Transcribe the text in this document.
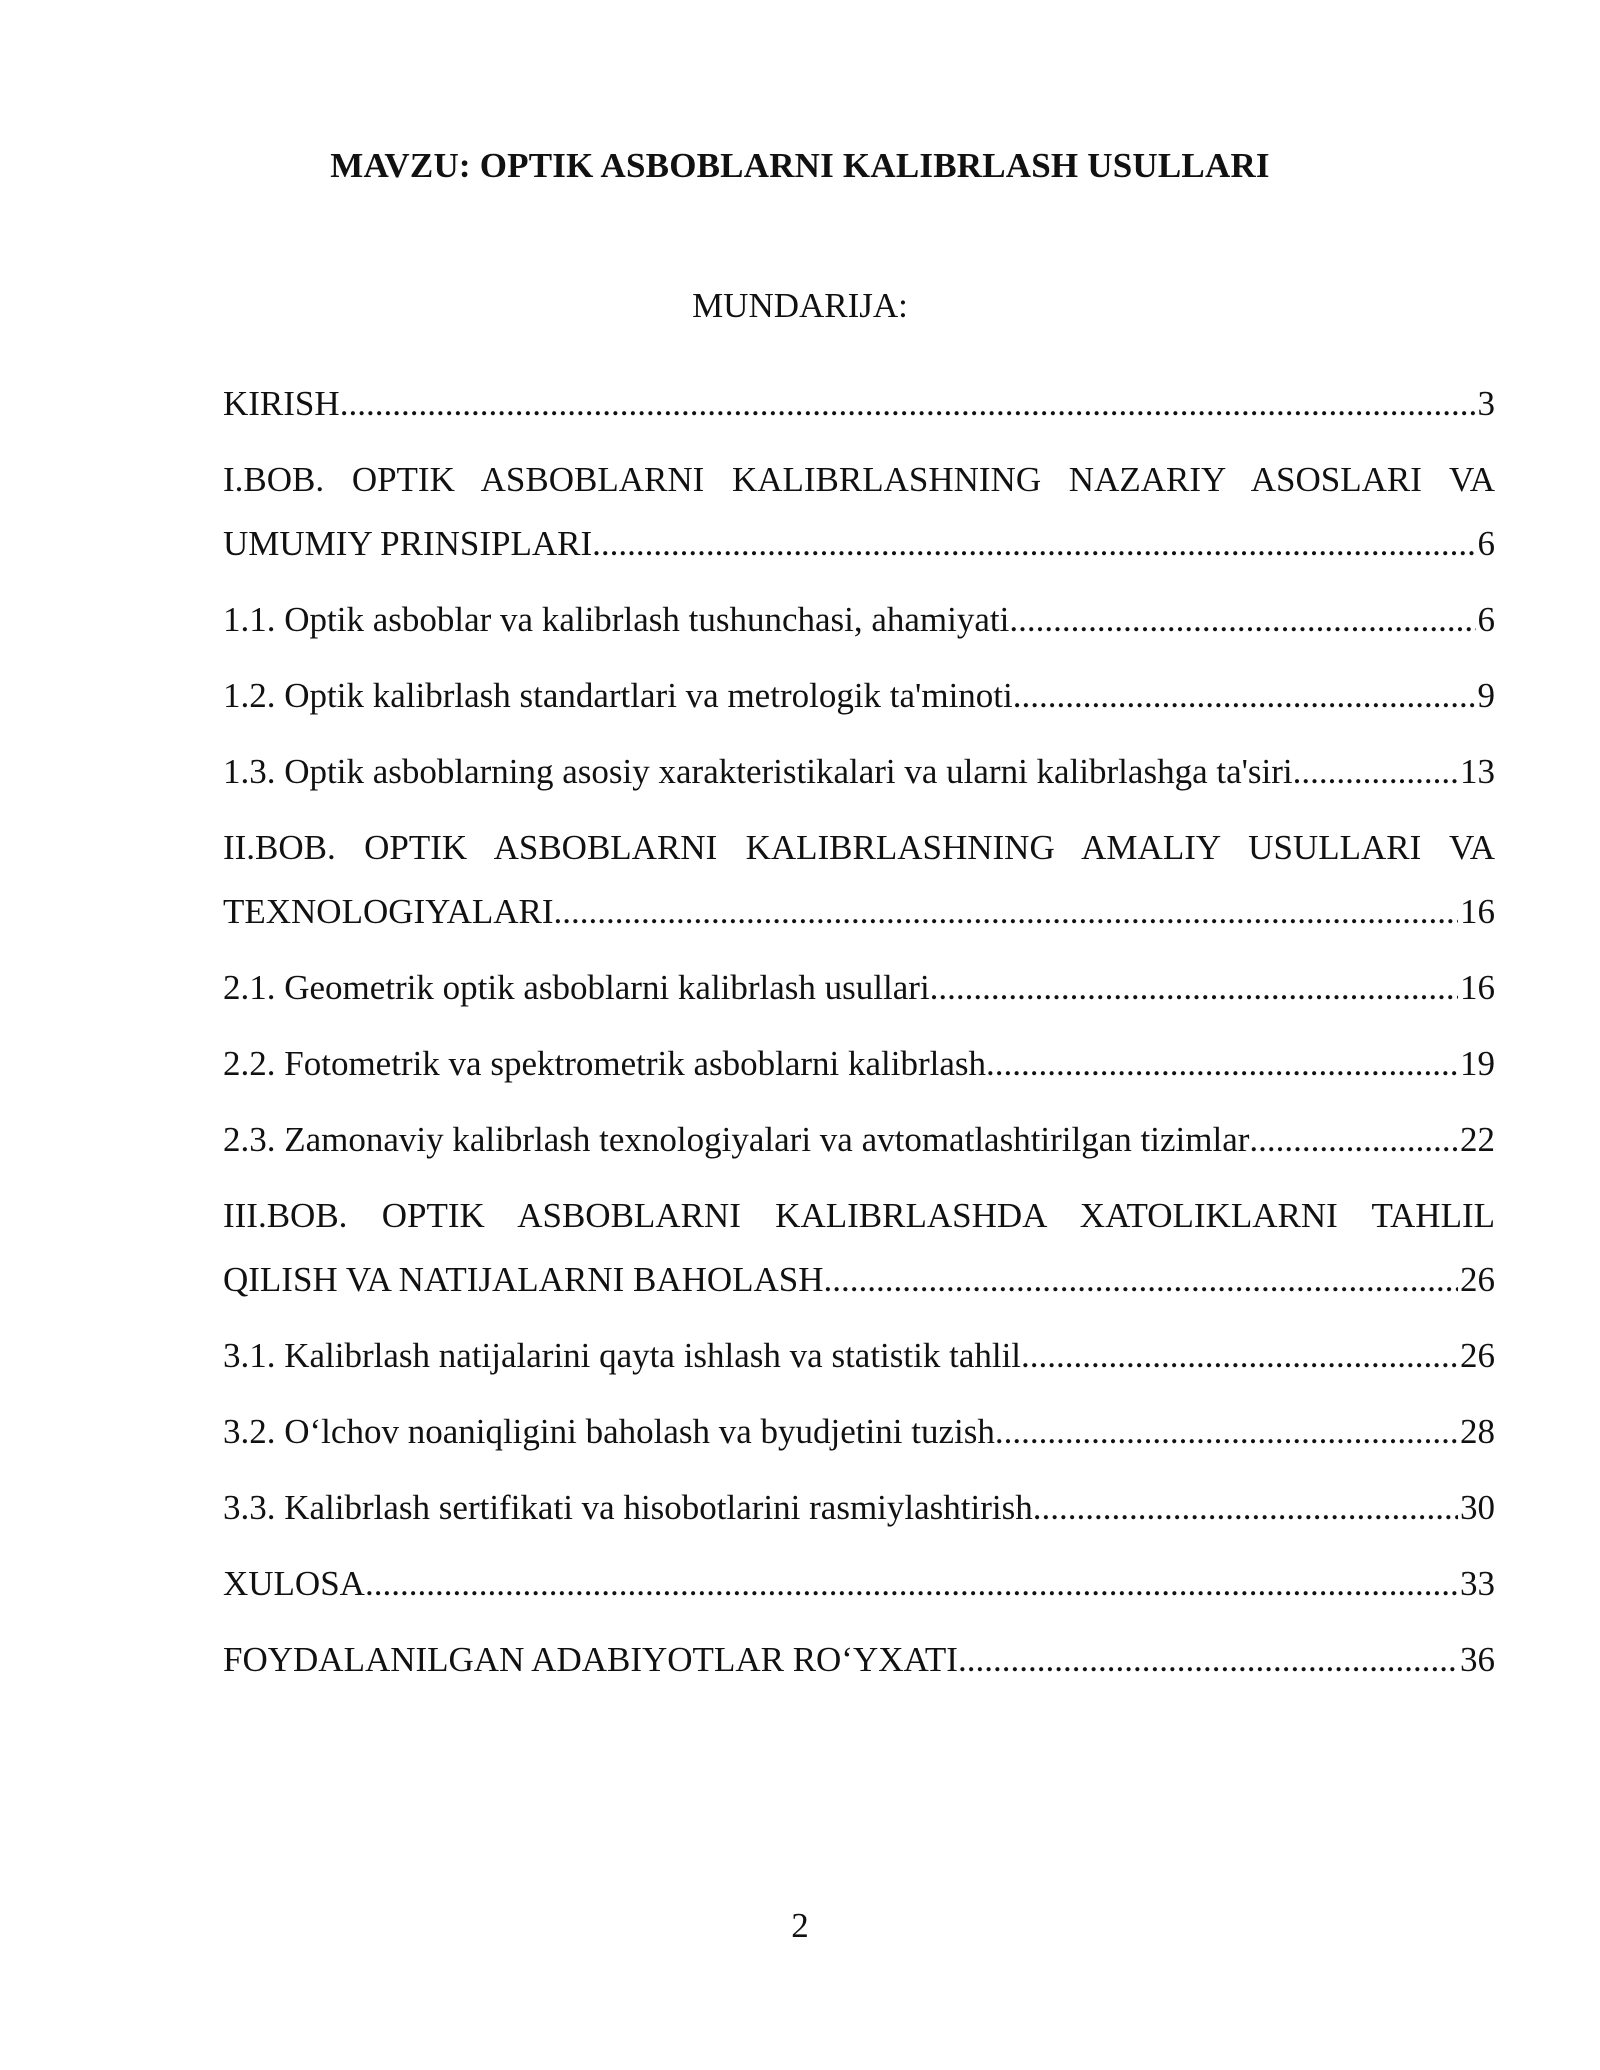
MAVZU: OPTIK ASBOBLARNI KALIBRLASH USULLARI
MUNDARIJA:
KIRISH .....	3
I.BOB. OPTIK ASBOBLARNI KALIBRLASHNING NAZARIY ASOSLARI VA
UMUMIY PRINSIPLARI .....	6
1.1. Optik asboblar va kalibrlash tushunchasi, ahamiyati .....	6
1.2. Optik kalibrlash standartlari va metrologik ta'minoti .....	9
1.3. Optik asboblarning asosiy xarakteristikalari va ularni kalibrlashga ta'siri .....	13
II.BOB. OPTIK ASBOBLARNI KALIBRLASHNING AMALIY USULLARI VA
TEXNOLOGIYALARI .....	16
2.1. Geometrik optik asboblarni kalibrlash usullari .....	16
2.2. Fotometrik va spektrometrik asboblarni kalibrlash .....	19
2.3. Zamonaviy kalibrlash texnologiyalari va avtomatlashtirilgan tizimlar .....	22
III.BOB. OPTIK ASBOBLARNI KALIBRLASHDA XATOLIKLARNI TAHLIL
QILISH VA NATIJALARNI BAHOLASH .....	26
3.1. Kalibrlash natijalarini qayta ishlash va statistik tahlil .....	26
3.2. O‘lchov noaniqligini baholash va byudjetini tuzish .....	28
3.3. Kalibrlash sertifikati va hisobotlarini rasmiylashtirish .....	30
XULOSA .....	33
FOYDALANILGAN ADABIYOTLAR RO‘YXATI .....	36
2
